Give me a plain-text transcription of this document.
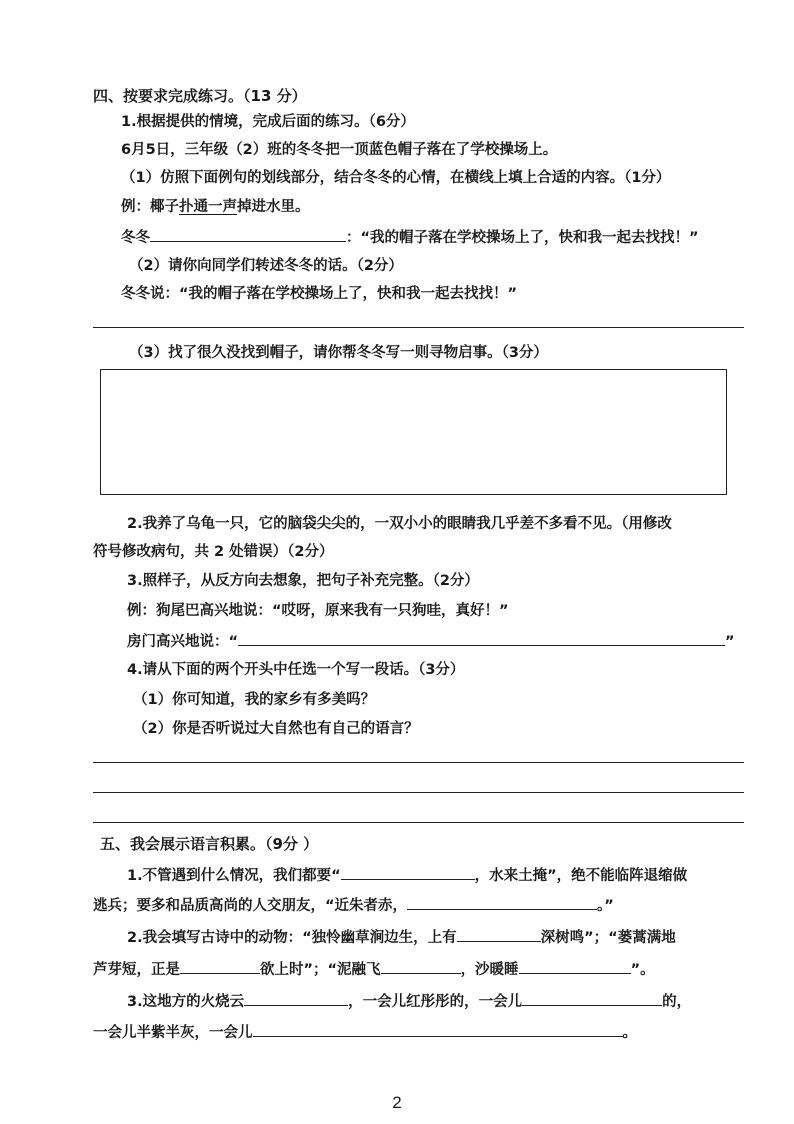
四、按要求完成练习。（13 分）
1.根据提供的情境，完成后面的练习。（6分）
6月5日，三年级（2）班的冬冬把一顶蓝色帽子落在了学校操场上。
（1）仿照下面例句的划线部分，结合冬冬的心情，在横线上填上合适的内容。（1分）
例：椰子扑通一声掉进水里。
冬冬	：“我的帽子落在学校操场上了，快和我一起去找找！”
（2）请你向同学们转述冬冬的话。（2分）
冬冬说：“我的帽子落在学校操场上了，快和我一起去找找！”
（3）找了很久没找到帽子，请你帮冬冬写一则寻物启事。（3分）
2.我养了乌龟一只，它的脑袋尖尖的，一双小小的眼睛我几乎差不多看不见。（用修改
符号修改病句，共 2 处错误）（2分）
3.照样子，从反方向去想象，把句子补充完整。（2分）
例：狗尾巴高兴地说：“哎呀，原来我有一只狗哇，真好！”
房门高兴地说：“	”
4.请从下面的两个开头中任选一个写一段话。（3分）
（1）你可知道，我的家乡有多美吗？
（2）你是否听说过大自然也有自己的语言？
五、我会展示语言积累。（9分 ）
1.不管遇到什么情况，我们都要“	，水来土掩”，绝不能临阵退缩做
逃兵；要多和品质高尚的人交朋友，“近朱者赤，	。”
2.我会填写古诗中的动物：“独怜幽草涧边生，上有	深树鸣”；“蒌蒿满地
芦芽短，正是	欲上时”；“泥融飞	，沙暖睡	”。
3.这地方的火烧云	，一会儿红彤彤的，一会儿	的，
一会儿半紫半灰，一会儿	。
2
